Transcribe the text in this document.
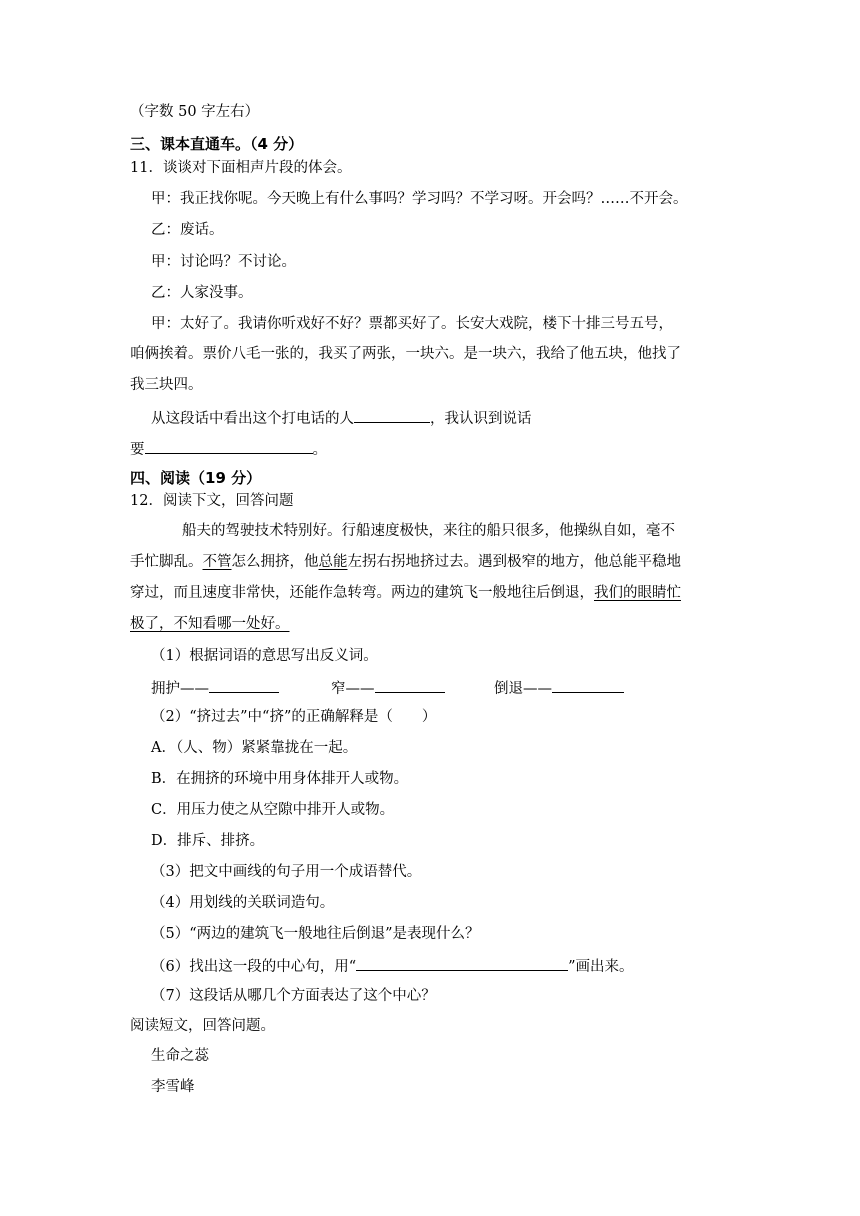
（字数 50 字左右）
三、课本直通车。（4 分）
11．谈谈对下面相声片段的体会。
甲：我正找你呢。今天晚上有什么事吗？学习吗？不学习呀。开会吗？……不开会。
乙：废话。
甲：讨论吗？不讨论。
乙：人家没事。
甲：太好了。我请你听戏好不好？票都买好了。长安大戏院，楼下十排三号五号，
咱俩挨着。票价八毛一张的，我买了两张，一块六。是一块六，我给了他五块，他找了
我三块四。
从这段话中看出这个打电话的人	，我认识到说话
要	。
四、阅读（19 分）
12．阅读下文，回答问题
船夫的驾驶技术特别好。行船速度极快，来往的船只很多，他操纵自如，毫不
手忙脚乱。不管怎么拥挤，他总能左拐右拐地挤过去。遇到极窄的地方，他总能平稳地
穿过，而且速度非常快，还能作急转弯。两边的建筑飞一般地往后倒退，我们的眼睛忙
极了，不知看哪一处好。
（1）根据词语的意思写出反义词。
拥护——	窄——	倒退——
（2）“挤过去”中“挤”的正确解释是（　　）
A．（人、物）紧紧靠拢在一起。
B．在拥挤的环境中用身体排开人或物。
C．用压力使之从空隙中排开人或物。
D．排斥、排挤。
（3）把文中画线的句子用一个成语替代。
（4）用划线的关联词造句。
（5）“两边的建筑飞一般地往后倒退”是表现什么？
（6）找出这一段的中心句，用“	”画出来。
（7）这段话从哪几个方面表达了这个中心？
阅读短文，回答问题。
生命之蕊
李雪峰
